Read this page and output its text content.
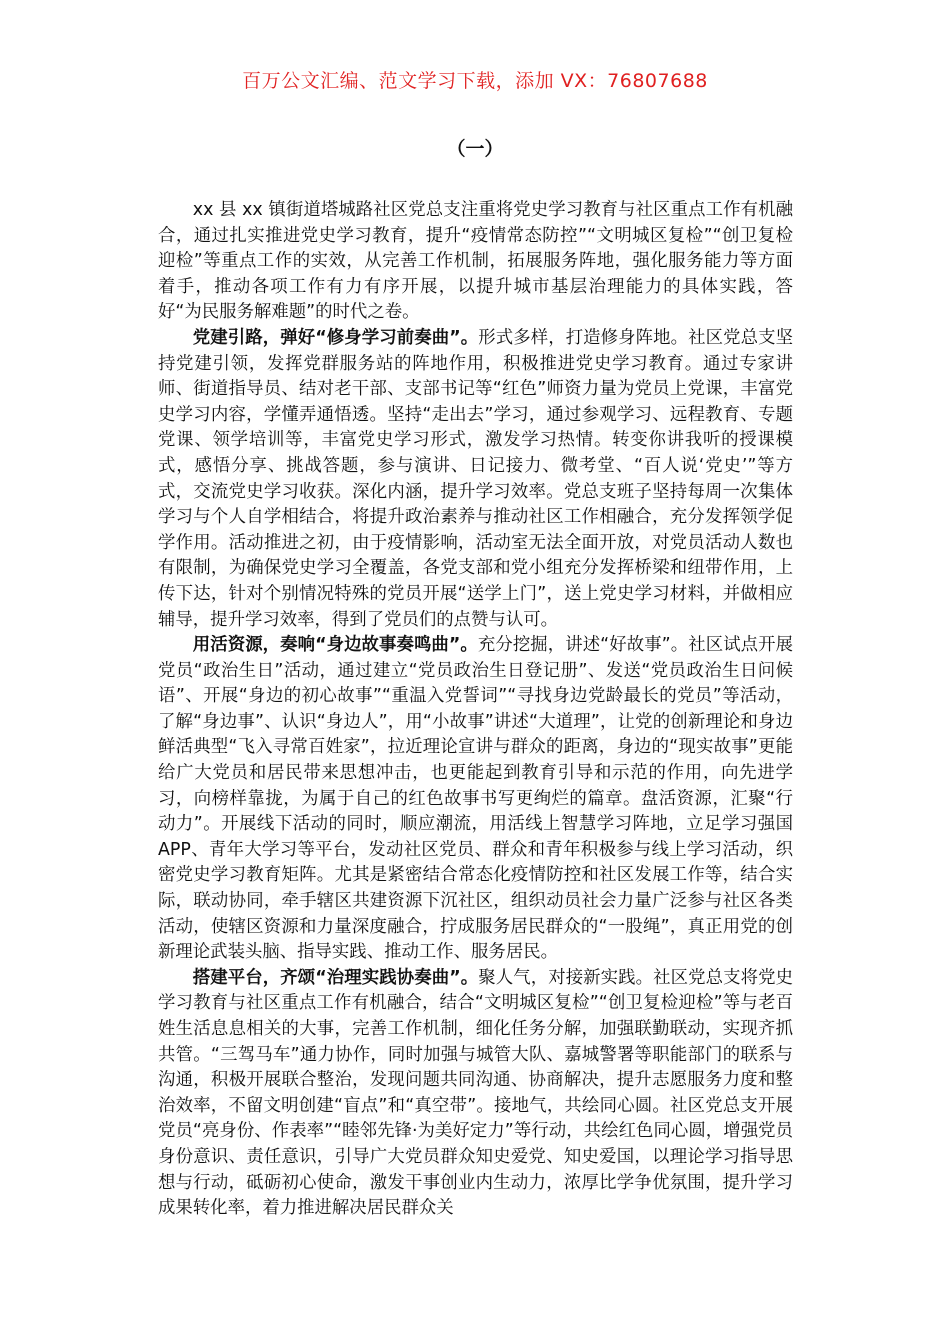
百万公文汇编、范文学习下载，添加 VX：76807688
（一）

xx 县 xx 镇街道塔城路社区党总支注重将党史学习教育与社区重点工作有机融合，通过扎实推进党史学习教育，提升“疫情常态防控”“文明城区复检”“创卫复检迎检”等重点工作的实效，从完善工作机制，拓展服务阵地，强化服务能力等方面着手，推动各项工作有力有序开展，以提升城市基层治理能力的具体实践，答好“为民服务解难题”的时代之卷。

党建引路，弹好“修身学习前奏曲”。形式多样，打造修身阵地。社区党总支坚持党建引领，发挥党群服务站的阵地作用，积极推进党史学习教育。通过专家讲师、街道指导员、结对老干部、支部书记等“红色”师资力量为党员上党课，丰富党史学习内容，学懂弄通悟透。坚持“走出去”学习，通过参观学习、远程教育、专题党课、领学培训等，丰富党史学习形式，激发学习热情。转变你讲我听的授课模式，感悟分享、挑战答题，参与演讲、日记接力、微考堂、“百人说‘党史’”等方式，交流党史学习收获。深化内涵，提升学习效率。党总支班子坚持每周一次集体学习与个人自学相结合，将提升政治素养与推动社区工作相融合，充分发挥领学促学作用。活动推进之初，由于疫情影响，活动室无法全面开放，对党员活动人数也有限制，为确保党史学习全覆盖，各党支部和党小组充分发挥桥梁和纽带作用，上传下达，针对个别情况特殊的党员开展“送学上门”，送上党史学习材料，并做相应辅导，提升学习效率，得到了党员们的点赞与认可。

用活资源，奏响“身边故事奏鸣曲”。充分挖掘，讲述“好故事”。社区试点开展党员“政治生日”活动，通过建立“党员政治生日登记册”、发送“党员政治生日问候语”、开展“身边的初心故事”“重温入党誓词”“寻找身边党龄最长的党员”等活动，了解“身边事”、认识“身边人”，用“小故事”讲述“大道理”，让党的创新理论和身边鲜活典型“飞入寻常百姓家”，拉近理论宣讲与群众的距离，身边的“现实故事”更能给广大党员和居民带来思想冲击，也更能起到教育引导和示范的作用，向先进学习，向榜样靠拢，为属于自己的红色故事书写更绚烂的篇章。盘活资源，汇聚“行动力”。开展线下活动的同时，顺应潮流，用活线上智慧学习阵地，立足学习强国 APP、青年大学习等平台，发动社区党员、群众和青年积极参与线上学习活动，织密党史学习教育矩阵。尤其是紧密结合常态化疫情防控和社区发展工作等，结合实际，联动协同，牵手辖区共建资源下沉社区，组织动员社会力量广泛参与社区各类活动，使辖区资源和力量深度融合，拧成服务居民群众的“一股绳”，真正用党的创新理论武装头脑、指导实践、推动工作、服务居民。

搭建平台，齐颂“治理实践协奏曲”。聚人气，对接新实践。社区党总支将党史学习教育与社区重点工作有机融合，结合“文明城区复检”“创卫复检迎检”等与老百姓生活息息相关的大事，完善工作机制，细化任务分解，加强联勤联动，实现齐抓共管。“三驾马车”通力协作，同时加强与城管大队、嘉城警署等职能部门的联系与沟通，积极开展联合整治，发现问题共同沟通、协商解决，提升志愿服务力度和整治效率，不留文明创建“盲点”和“真空带”。接地气，共绘同心圆。社区党总支开展党员“亮身份、作表率”“睦邻先锋·为美好定力”等行动，共绘红色同心圆，增强党员身份意识、责任意识，引导广大党员群众知史爱党、知史爱国，以理论学习指导思想与行动，砥砺初心使命，激发干事创业内生动力，浓厚比学争优氛围，提升学习成果转化率，着力推进解决居民群众关
